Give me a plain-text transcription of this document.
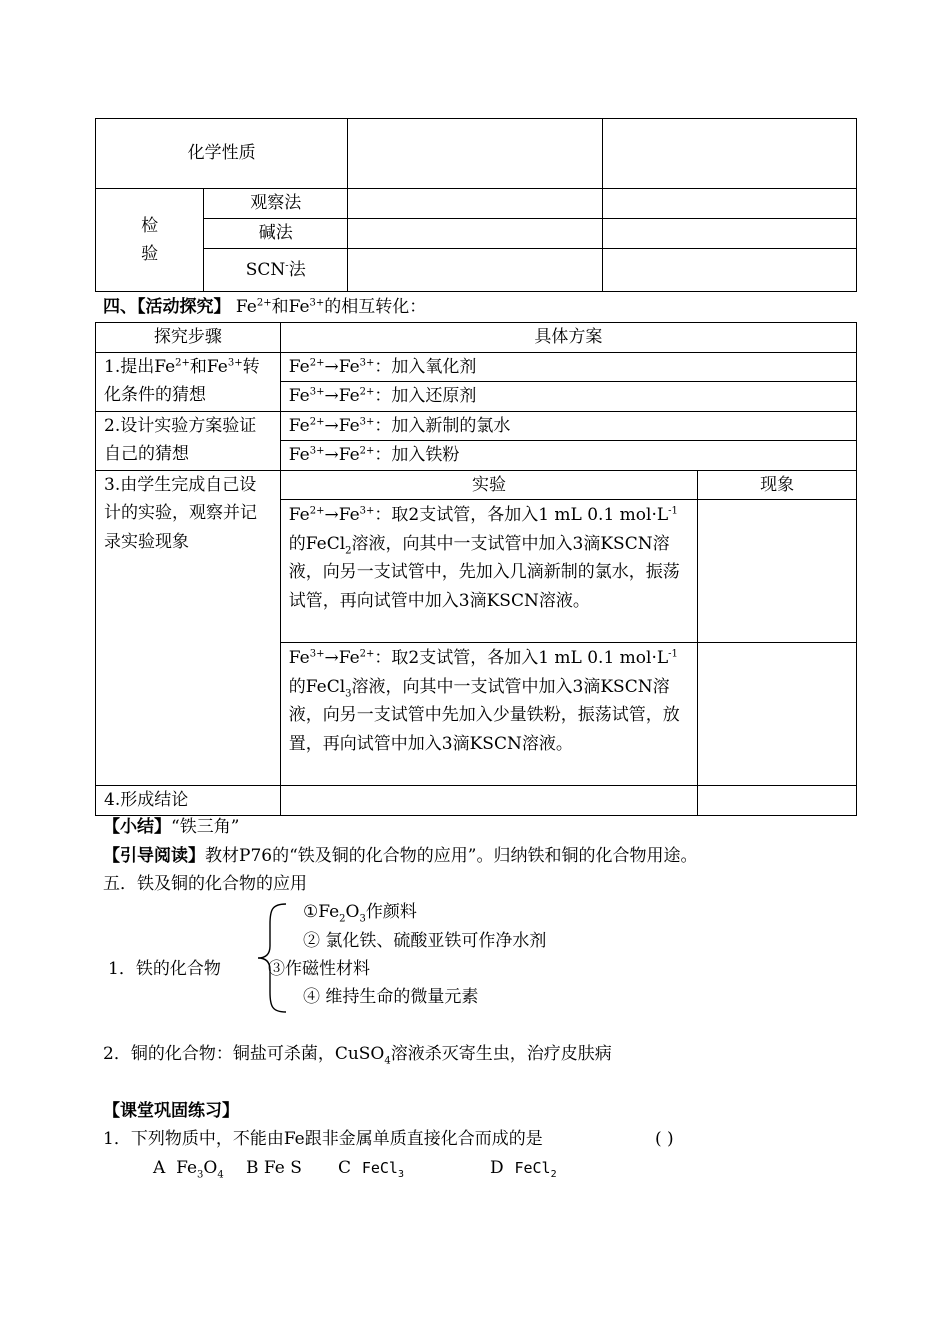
化学性质			
检 验	观察法		
	碱法		
	SCN-法		
四、【活动探究】 $Fe^{2+}$和$Fe^{3+}$的相互转化：
探究步骤	具体方案	
1.提出$Fe^{2+}$和$Fe^{3+}$转化条件的猜想	$Fe^{2+}\to Fe^{3+}$：加入氧化剂	
	$Fe^{3+}\to Fe^{2+}$：加入还原剂	
2.设计实验方案验证自己的猜想	$Fe^{2+}\to Fe^{3+}$：加入新制的氯水	
	$Fe^{3+}\to Fe^{2+}$：加入铁粉	
3.由学生完成自己设计的实验，观察并记录实验现象	实验	现象
	$Fe^{2+}\to Fe^{3+}$：取2支试管，各加入1 mL 0.1 $mol\cdot L^{-1}$的FeCl$_2$溶液，向其中一支试管中加入3滴KSCN溶液，向另一支试管中，先加入几滴新制的氯水，振荡试管，再向试管中加入3滴KSCN溶液。	
	$Fe^{3+}\to Fe^{2+}$：取2支试管，各加入1 mL 0.1 $mol\cdot L^{-1}$的FeCl$_3$溶液，向其中一支试管中加入3滴KSCN溶液，向另一支试管中先加入少量铁粉，振荡试管，放置，再向试管中加入3滴KSCN溶液。	
4.形成结论		
【小结】“铁三角”
【引导阅读】教材P76的“铁及铜的化合物的应用”。归纳铁和铜的化合物用途。
五．铁及铜的化合物的应用
1．铁的化合物
$①Fe_2O_3$作颜料
② 氯化铁、硫酸亚铁可作净水剂
③作磁性材料
④ 维持生命的微量元素
2．铜的化合物：铜盐可杀菌，CuSO$_4$溶液杀灭寄生虫，治疗皮肤病
【课堂巩固练习】
1．下列物质中，不能由Fe跟非金属单质直接化合而成的是	( )
A  $Fe_3O_4$ B Fe S C  FeCl$_3$	D  FeCl$_2$
